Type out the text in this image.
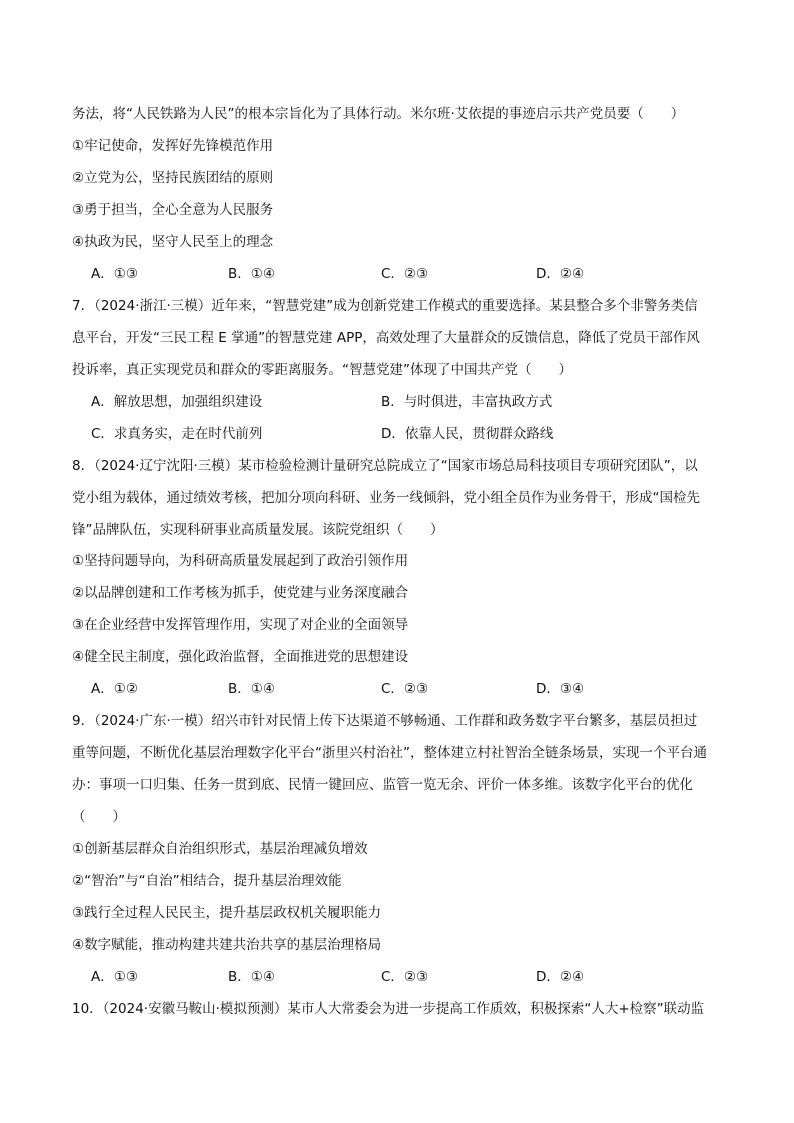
务法，将“人民铁路为人民”的根本宗旨化为了具体行动。米尔班·艾依提的事迹启示共产党员要（　　）
①牢记使命，发挥好先锋模范作用
②立党为公，坚持民族团结的原则
③勇于担当，全心全意为人民服务
④执政为民，坚守人民至上的理念
A．①③	B．①④	C．②③	D．②④
7．（2024·浙江·三模）近年来，“智慧党建”成为创新党建工作模式的重要选择。某县整合多个非警务类信
息平台，开发“三民工程 E 掌通”的智慧党建 APP，高效处理了大量群众的反馈信息，降低了党员干部作风
投诉率，真正实现党员和群众的零距离服务。“智慧党建”体现了中国共产党（　　）
A．解放思想，加强组织建设	B．与时俱进，丰富执政方式
C．求真务实，走在时代前列	D．依靠人民，贯彻群众路线
8．（2024·辽宁沈阳·三模）某市检验检测计量研究总院成立了“国家市场总局科技项目专项研究团队”，以
党小组为载体，通过绩效考核，把加分项向科研、业务一线倾斜，党小组全员作为业务骨干，形成“国检先
锋”品牌队伍，实现科研事业高质量发展。该院党组织（　　）
①坚持问题导向，为科研高质量发展起到了政治引领作用
②以品牌创建和工作考核为抓手，使党建与业务深度融合
③在企业经营中发挥管理作用，实现了对企业的全面领导
④健全民主制度，强化政治监督，全面推进党的思想建设
A．①②	B．①④	C．②③	D．③④
9．（2024·广东·一模）绍兴市针对民情上传下达渠道不够畅通、工作群和政务数字平台繁多，基层员担过
重等问题，不断优化基层治理数字化平台“浙里兴村治社”，整体建立村社智治全链条场景，实现一个平台通
办：事项一口归集、任务一贯到底、民情一键回应、监管一览无余、评价一体多维。该数字化平台的优化
（　　）
①创新基层群众自治组织形式，基层治理减负增效
②“智治”与“自治”相结合，提升基层治理效能
③践行全过程人民民主，提升基层政权机关履职能力
④数字赋能，推动构建共建共治共享的基层治理格局
A．①③	B．①④	C．②③	D．②④
10．（2024·安徽马鞍山·模拟预测）某市人大常委会为进一步提高工作质效，积极探索“人大+检察”联动监
